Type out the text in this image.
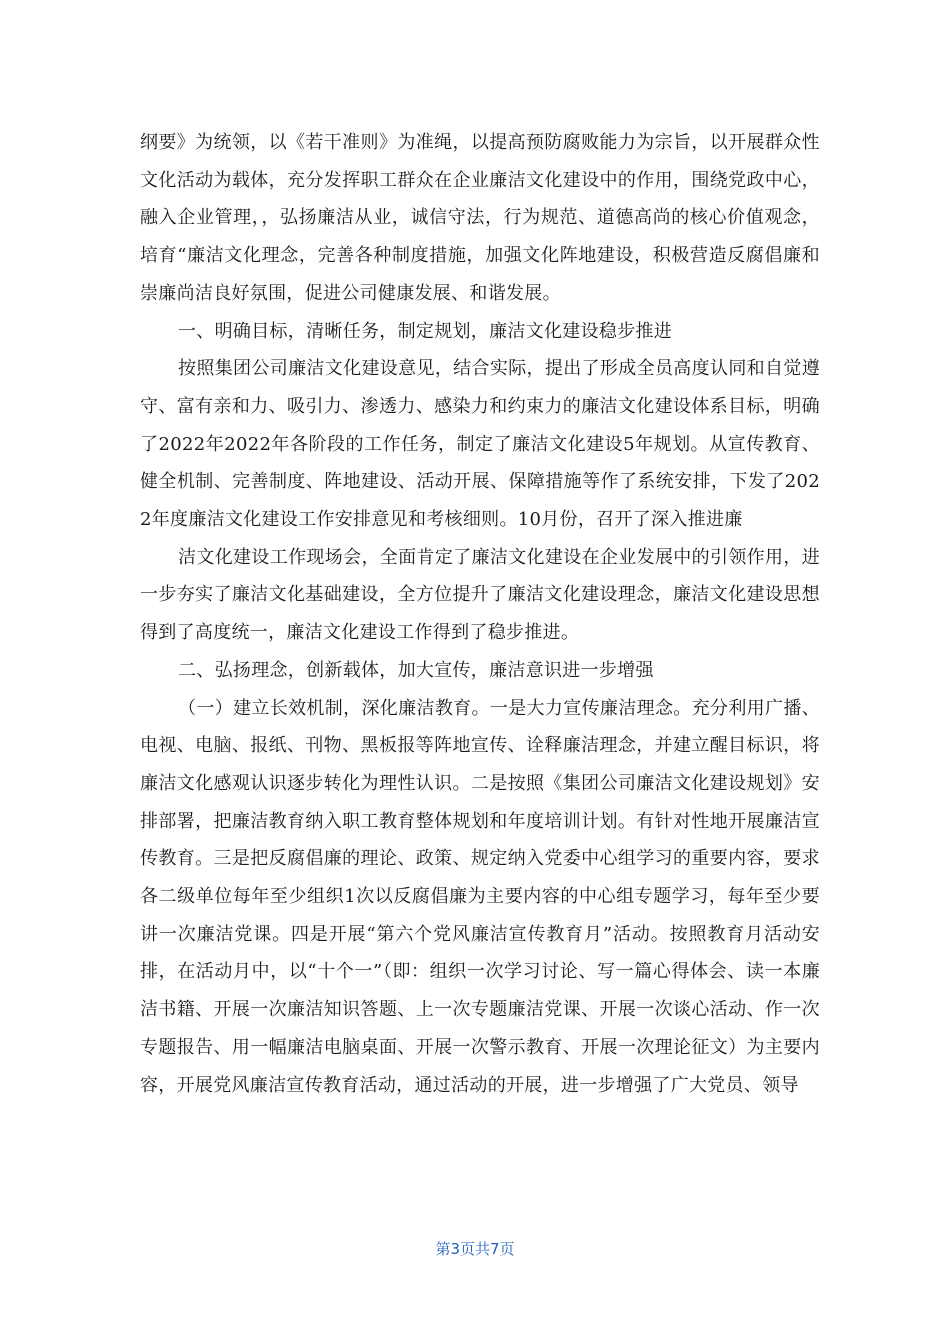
纲要》为统领，以《若干准则》为准绳，以提高预防腐败能力为宗旨，以开展群众性文化活动为载体，充分发挥职工群众在企业廉洁文化建设中的作用，围绕党政中心，融入企业管理，，弘扬廉洁从业，诚信守法，行为规范、道德高尚的核心价值观念，培育“廉洁文化理念，完善各种制度措施，加强文化阵地建设，积极营造反腐倡廉和崇廉尚洁良好氛围，促进公司健康发展、和谐发展。

一、明确目标，清晰任务，制定规划，廉洁文化建设稳步推进

按照集团公司廉洁文化建设意见，结合实际，提出了形成全员高度认同和自觉遵守、富有亲和力、吸引力、渗透力、感染力和约束力的廉洁文化建设体系目标，明确了2022年2022年各阶段的工作任务，制定了廉洁文化建设5年规划。从宣传教育、健全机制、完善制度、阵地建设、活动开展、保障措施等作了系统安排，下发了2022年度廉洁文化建设工作安排意见和考核细则。10月份，召开了深入推进廉

洁文化建设工作现场会，全面肯定了廉洁文化建设在企业发展中的引领作用，进一步夯实了廉洁文化基础建设，全方位提升了廉洁文化建设理念，廉洁文化建设思想得到了高度统一，廉洁文化建设工作得到了稳步推进。

二、弘扬理念，创新载体，加大宣传，廉洁意识进一步增强

（一）建立长效机制，深化廉洁教育。一是大力宣传廉洁理念。充分利用广播、电视、电脑、报纸、刊物、黑板报等阵地宣传、诠释廉洁理念，并建立醒目标识，将廉洁文化感观认识逐步转化为理性认识。二是按照《集团公司廉洁文化建设规划》安排部署，把廉洁教育纳入职工教育整体规划和年度培训计划。有针对性地开展廉洁宣传教育。三是把反腐倡廉的理论、政策、规定纳入党委中心组学习的重要内容，要求各二级单位每年至少组织1次以反腐倡廉为主要内容的中心组专题学习，每年至少要讲一次廉洁党课。四是开展“第六个党风廉洁宣传教育月”活动。按照教育月活动安排，在活动月中，以“十个一”（即：组织一次学习讨论、写一篇心得体会、读一本廉洁书籍、开展一次廉洁知识答题、上一次专题廉洁党课、开展一次谈心活动、作一次专题报告、用一幅廉洁电脑桌面、开展一次警示教育、开展一次理论征文）为主要内容，开展党风廉洁宣传教育活动，通过活动的开展，进一步增强了广大党员、领导

第3页共7页
